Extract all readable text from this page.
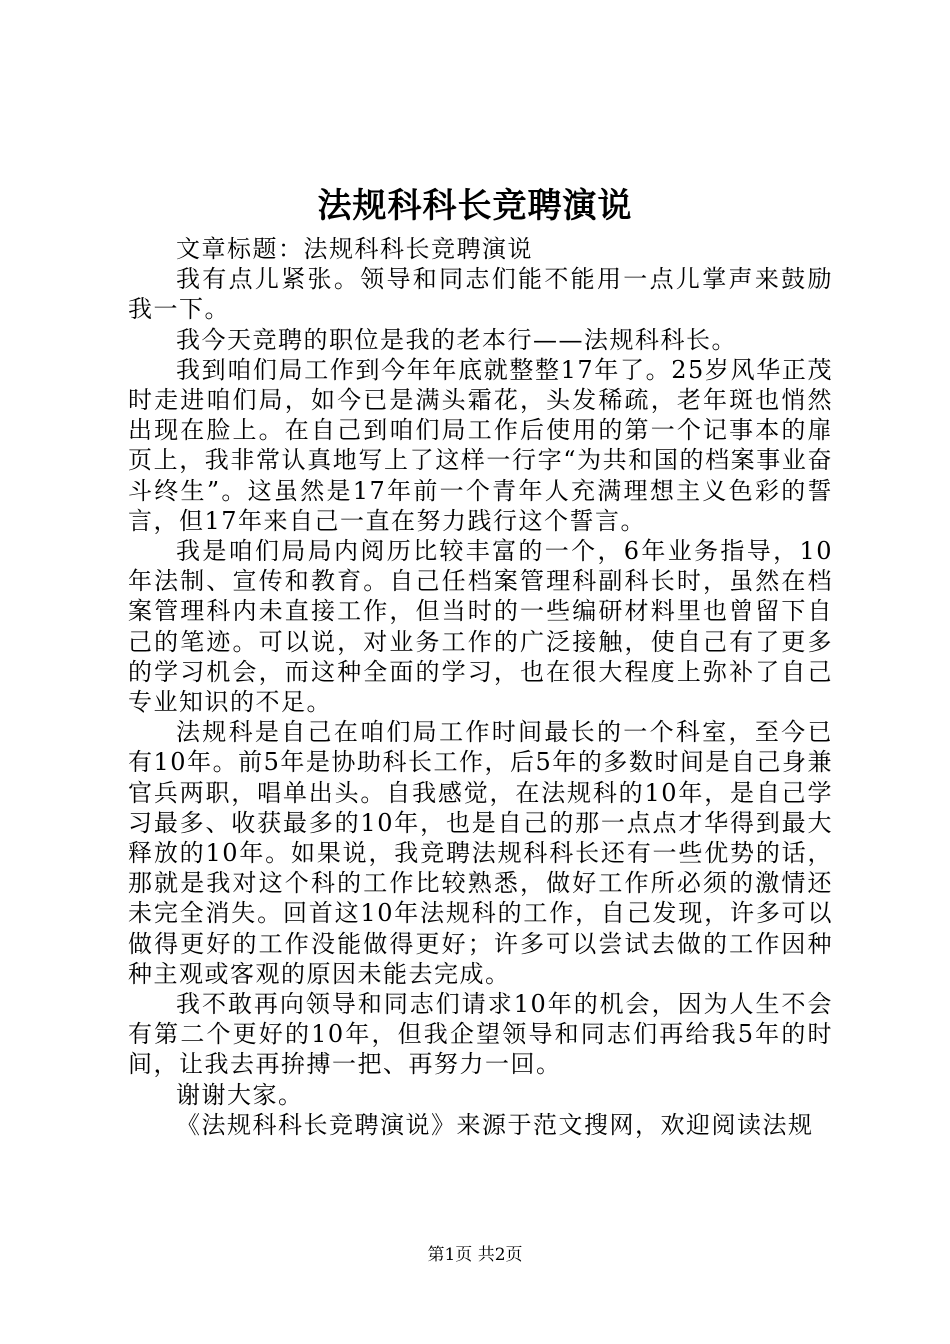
法规科科长竞聘演说

文章标题：法规科科长竞聘演说

我有点儿紧张。领导和同志们能不能用一点儿掌声来鼓励我一下。

我今天竞聘的职位是我的老本行——法规科科长。

我到咱们局工作到今年年底就整整17年了。25岁风华正茂时走进咱们局，如今已是满头霜花，头发稀疏，老年斑也悄然出现在脸上。在自己到咱们局工作后使用的第一个记事本的扉页上，我非常认真地写上了这样一行字“为共和国的档案事业奋斗终生”。这虽然是17年前一个青年人充满理想主义色彩的誓言，但17年来自己一直在努力践行这个誓言。

我是咱们局局内阅历比较丰富的一个，6年业务指导，10年法制、宣传和教育。自己任档案管理科副科长时，虽然在档案管理科内未直接工作，但当时的一些编研材料里也曾留下自己的笔迹。可以说，对业务工作的广泛接触，使自己有了更多的学习机会，而这种全面的学习，也在很大程度上弥补了自己专业知识的不足。

法规科是自己在咱们局工作时间最长的一个科室，至今已有10年。前5年是协助科长工作，后5年的多数时间是自己身兼官兵两职，唱单出头。自我感觉，在法规科的10年，是自己学习最多、收获最多的10年，也是自己的那一点点才华得到最大释放的10年。如果说，我竞聘法规科科长还有一些优势的话，那就是我对这个科的工作比较熟悉，做好工作所必须的激情还未完全消失。回首这10年法规科的工作，自己发现，许多可以做得更好的工作没能做得更好；许多可以尝试去做的工作因种种主观或客观的原因未能去完成。

我不敢再向领导和同志们请求10年的机会，因为人生不会有第二个更好的10年，但我企望领导和同志们再给我5年的时间，让我去再拚搏一把、再努力一回。

谢谢大家。

《法规科科长竞聘演说》来源于范文搜网，欢迎阅读法规

第1页 共2页
